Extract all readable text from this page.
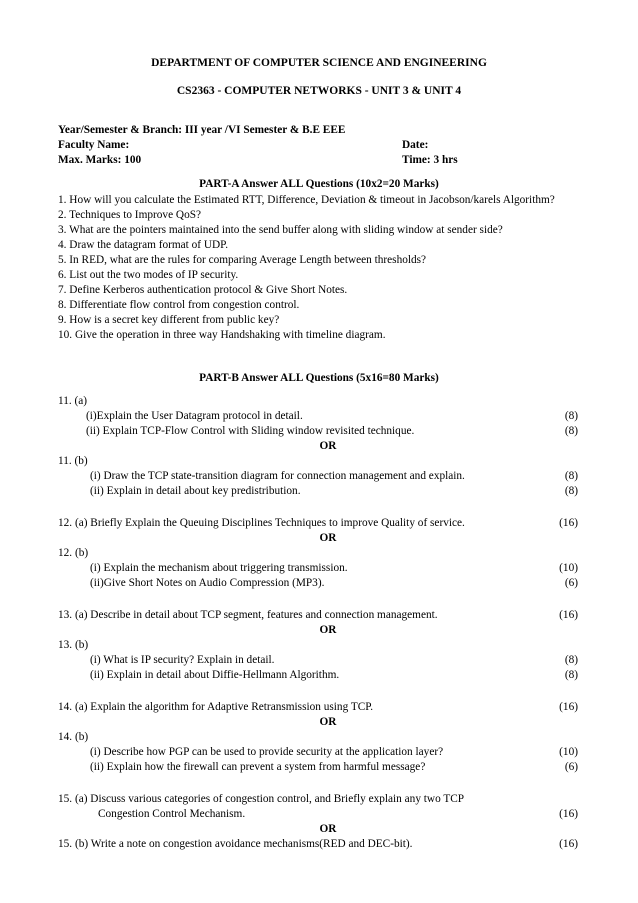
DEPARTMENT OF COMPUTER SCIENCE AND ENGINEERING
CS2363 - COMPUTER NETWORKS - UNIT 3 & UNIT 4
Year/Semester & Branch: III year /VI Semester & B.E EEE
Faculty Name:	Date:
Max. Marks: 100	Time: 3 hrs
PART-A Answer ALL Questions (10x2=20 Marks)
1. How will you calculate the Estimated RTT, Difference, Deviation & timeout in Jacobson/karels Algorithm?
2. Techniques to Improve QoS?
3. What are the pointers maintained into the send buffer along with sliding window at sender side?
4. Draw the datagram format of UDP.
5. In RED, what are the rules for comparing Average Length between thresholds?
6. List out the two modes of IP security.
7. Define Kerberos authentication protocol & Give Short Notes.
8. Differentiate flow control from congestion control.
9. How is a secret key different from public key?
10. Give the operation in three way Handshaking with timeline diagram.
PART-B Answer ALL Questions (5x16=80 Marks)
11. (a)
(i)Explain the User Datagram protocol in detail.	(8)
(ii) Explain TCP-Flow Control with Sliding window revisited technique.	(8)
OR
11. (b)
(i) Draw the TCP state-transition diagram for connection management and explain.	(8)
(ii) Explain in detail about key predistribution.	(8)
12. (a) Briefly Explain the Queuing Disciplines Techniques to improve Quality of service.	(16)
OR
12. (b)
(i) Explain the mechanism about triggering transmission.	(10)
(ii)Give Short Notes on Audio Compression (MP3).	(6)
13. (a) Describe in detail about TCP segment, features and connection management.	(16)
OR
13. (b)
(i) What is IP security? Explain in detail.	(8)
(ii) Explain in detail about Diffie-Hellmann Algorithm.	(8)
14. (a) Explain the algorithm for Adaptive Retransmission using TCP.	(16)
OR
14. (b)
(i) Describe how PGP can be used to provide security at the application layer?	(10)
(ii) Explain how the firewall can prevent a system from harmful message?	(6)
15. (a) Discuss various categories of congestion control, and Briefly explain any two TCP
Congestion Control Mechanism.	(16)
OR
15. (b) Write a note on congestion avoidance mechanisms(RED and DEC-bit).	(16)
